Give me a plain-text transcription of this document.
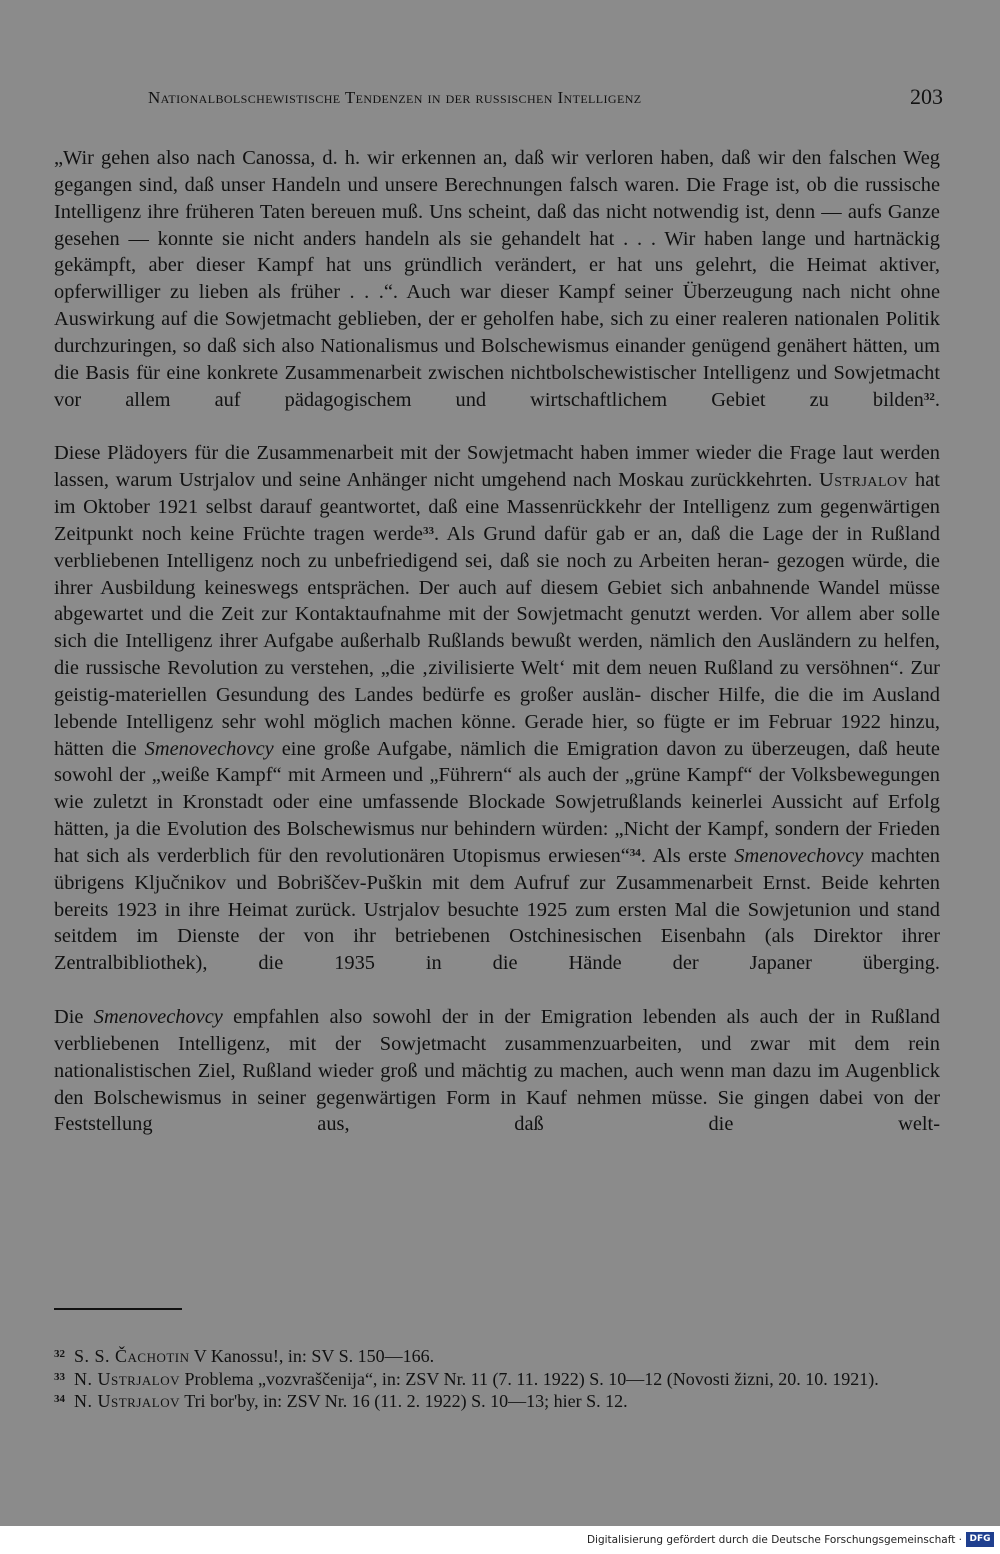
Nationalbolschewistische Tendenzen in der russischen Intelligenz	203
„Wir gehen also nach Canossa, d. h. wir erkennen an, daß wir verloren haben, daß wir den falschen Weg gegangen sind, daß unser Handeln und unsere Berechnungen falsch waren. Die Frage ist, ob die russische Intelligenz ihre früheren Taten bereuen muß. Uns scheint, daß das nicht notwendig ist, denn — aufs Ganze gesehen — konnte sie nicht anders handeln als sie gehandelt hat . . . Wir haben lange und hartnäckig gekämpft, aber dieser Kampf hat uns gründlich verändert, er hat uns gelehrt, die Heimat aktiver, opferwilliger zu lieben als früher . . .“. Auch war dieser Kampf seiner Überzeugung nach nicht ohne Auswirkung auf die Sowjetmacht geblieben, der er geholfen habe, sich zu einer realeren nationalen Politik durchzuringen, so daß sich also Nationalismus und Bolschewismus einander genügend genähert hätten, um die Basis für eine konkrete Zusammenarbeit zwischen nichtbolschewistischer Intelligenz und Sowjetmacht vor allem auf pädagogischem und wirtschaftlichem Gebiet zu bilden$^{32}$.
Diese Plädoyers für die Zusammenarbeit mit der Sowjetmacht haben immer wieder die Frage laut werden lassen, warum Ustrjalov und seine Anhänger nicht umgehend nach Moskau zurückkehrten. Ustrjalov hat im Oktober 1921 selbst darauf geantwortet, daß eine Massenrückkehr der Intelligenz zum gegenwärtigen Zeitpunkt noch keine Früchte tragen werde$^{33}$. Als Grund dafür gab er an, daß die Lage der in Rußland verbliebenen Intelligenz noch zu unbefriedigend sei, daß sie noch zu Arbeiten heran- gezogen würde, die ihrer Ausbildung keineswegs entsprächen. Der auch auf diesem Gebiet sich anbahnende Wandel müsse abgewartet und die Zeit zur Kontaktaufnahme mit der Sowjetmacht genutzt werden. Vor allem aber solle sich die Intelligenz ihrer Aufgabe außerhalb Rußlands bewußt werden, nämlich den Ausländern zu helfen, die russische Revolution zu verstehen, „die ‚zivilisierte Welt‘ mit dem neuen Rußland zu versöhnen“. Zur geistig-materiellen Gesundung des Landes bedürfe es großer auslän- discher Hilfe, die die im Ausland lebende Intelligenz sehr wohl möglich machen könne. Gerade hier, so fügte er im Februar 1922 hinzu, hätten die Smenovechovcy eine große Aufgabe, nämlich die Emigration davon zu überzeugen, daß heute sowohl der „weiße Kampf“ mit Armeen und „Führern“ als auch der „grüne Kampf“ der Volksbewegungen wie zuletzt in Kronstadt oder eine umfassende Blockade Sowjetrußlands keinerlei Aussicht auf Erfolg hätten, ja die Evolution des Bolschewismus nur behindern würden: „Nicht der Kampf, sondern der Frieden hat sich als verderblich für den revolutionären Utopismus erwiesen“$^{34}$. Als erste Smenovechovcy machten übrigens Ključnikov und Bobriščev-Puškin mit dem Aufruf zur Zusammenarbeit Ernst. Beide kehrten bereits 1923 in ihre Heimat zurück. Ustrjalov besuchte 1925 zum ersten Mal die Sowjetunion und stand seitdem im Dienste der von ihr betriebenen Ostchinesischen Eisenbahn (als Direktor ihrer Zentralbibliothek), die 1935 in die Hände der Japaner überging.
Die Smenovechovcy empfahlen also sowohl der in der Emigration lebenden als auch der in Rußland verbliebenen Intelligenz, mit der Sowjetmacht zusammenzuarbeiten, und zwar mit dem rein nationalistischen Ziel, Rußland wieder groß und mächtig zu machen, auch wenn man dazu im Augenblick den Bolschewismus in seiner gegenwärtigen Form in Kauf nehmen müsse. Sie gingen dabei von der Feststellung aus, daß die welt-

32 S. S. Čachotin V Kanossu!, in: SV S. 150—166.

33 N. Ustrjalov Problema „vozvraščenija“, in: ZSV Nr. 11 (7. 11. 1922) S. 10—12 (Novosti žizni, 20. 10. 1921).

34 N. Ustrjalov Tri bor'by, in: ZSV Nr. 16 (11. 2. 1922) S. 10—13; hier S. 12.

Digitalisierung gefördert durch die Deutsche Forschungsgemeinschaft · DFG
